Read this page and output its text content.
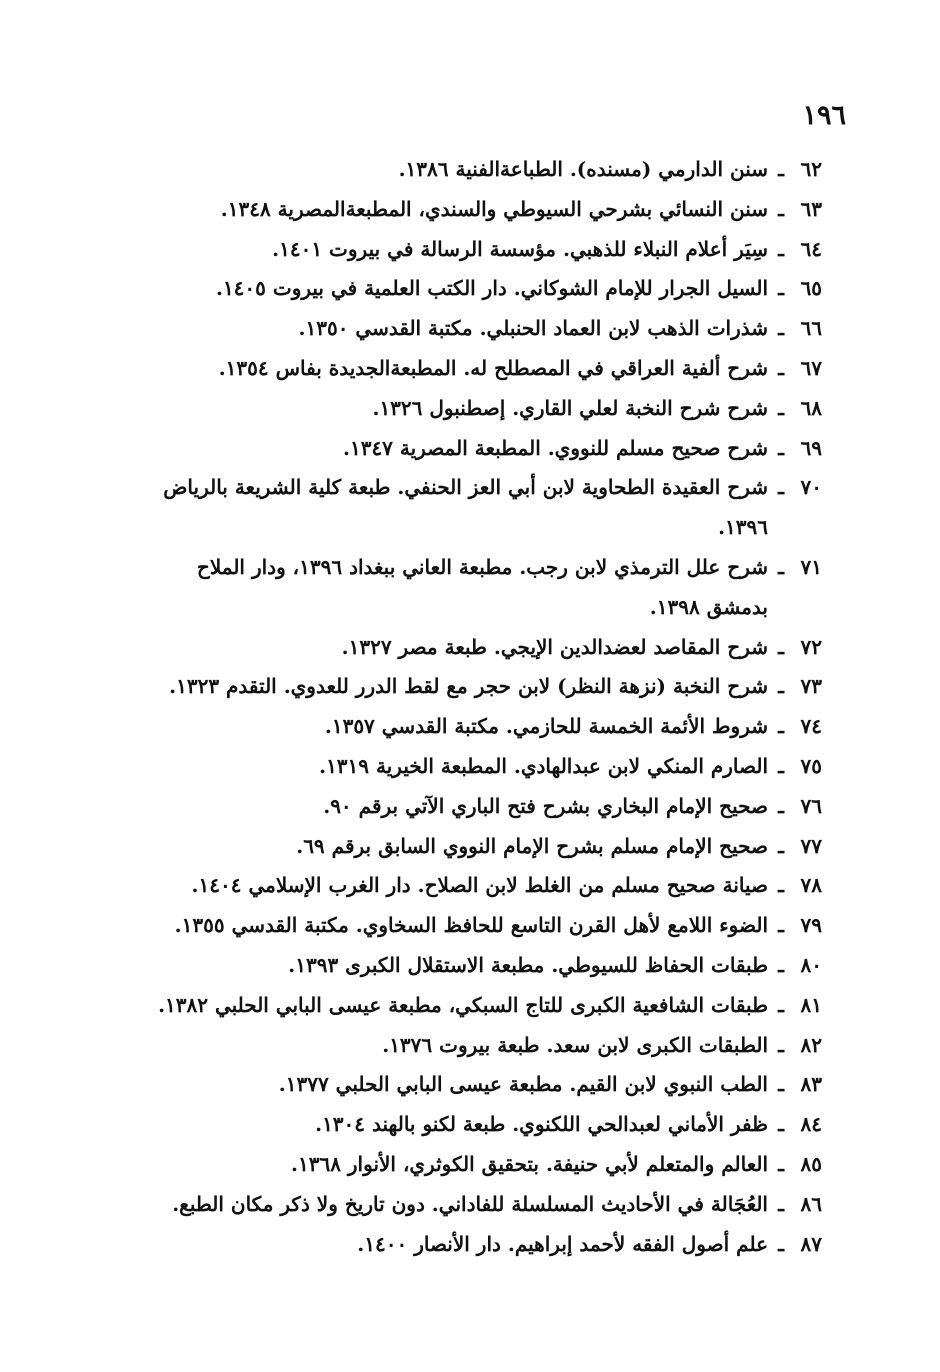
١٩٦
٦٢
ـ
سنن الدارمي (مسنده). الطباعةالفنية ١٣٨٦.
٦٣
ـ
سنن النسائي بشرحي السيوطي والسندي، المطبعةالمصرية ١٣٤٨.
٦٤
ـ
سِيَر أعلام النبلاء للذهبي. مؤسسة الرسالة في بيروت ١٤٠١.
٦٥
ـ
السيل الجرار للإمام الشوكاني. دار الكتب العلمية في بيروت ١٤٠٥.
٦٦
ـ
شذرات الذهب لابن العماد الحنبلي. مكتبة القدسي ١٣٥٠.
٦٧
ـ
شرح ألفية العراقي في المصطلح له. المطبعةالجديدة بفاس ١٣٥٤.
٦٨
ـ
شرح شرح النخبة لعلي القاري. إصطنبول ١٣٢٦.
٦٩
ـ
شرح صحيح مسلم للنووي. المطبعة المصرية ١٣٤٧.
٧٠
ـ
شرح العقيدة الطحاوية لابن أبي العز الحنفي. طبعة كلية الشريعة بالرياض ١٣٩٦.
٧١
ـ
شرح علل الترمذي لابن رجب. مطبعة العاني ببغداد ١٣٩٦، ودار الملاح بدمشق ١٣٩٨.
٧٢
ـ
شرح المقاصد لعضدالدين الإيجي. طبعة مصر ١٣٢٧.
٧٣
ـ
شرح النخبة (نزهة النظر) لابن حجر مع لقط الدرر للعدوي. التقدم ١٣٢٣.
٧٤
ـ
شروط الأئمة الخمسة للحازمي. مكتبة القدسي ١٣٥٧.
٧٥
ـ
الصارم المنكي لابن عبدالهادي. المطبعة الخيرية ١٣١٩.
٧٦
ـ
صحيح الإمام البخاري بشرح فتح الباري الآتي برقم ٩٠.
٧٧
ـ
صحيح الإمام مسلم بشرح الإمام النووي السابق برقم ٦٩.
٧٨
ـ
صيانة صحيح مسلم من الغلط لابن الصلاح. دار الغرب الإسلامي ١٤٠٤.
٧٩
ـ
الضوء اللامع لأهل القرن التاسع للحافظ السخاوي. مكتبة القدسي ١٣٥٥.
٨٠
ـ
طبقات الحفاظ للسيوطي. مطبعة الاستقلال الكبرى ١٣٩٣.
٨١
ـ
طبقات الشافعية الكبرى للتاج السبكي، مطبعة عيسى البابي الحلبي ١٣٨٢.
٨٢
ـ
الطبقات الكبرى لابن سعد. طبعة بيروت ١٣٧٦.
٨٣
ـ
الطب النبوي لابن القيم. مطبعة عيسى البابي الحلبي ١٣٧٧.
٨٤
ـ
ظفر الأماني لعبدالحي اللكنوي. طبعة لكنو بالهند ١٣٠٤.
٨٥
ـ
العالم والمتعلم لأبي حنيفة. بتحقيق الكوثري، الأنوار ١٣٦٨.
٨٦
ـ
العُجَالة في الأحاديث المسلسلة للفاداني. دون تاريخ ولا ذكر مكان الطبع.
٨٧
ـ
علم أصول الفقه لأحمد إبراهيم. دار الأنصار ١٤٠٠.
